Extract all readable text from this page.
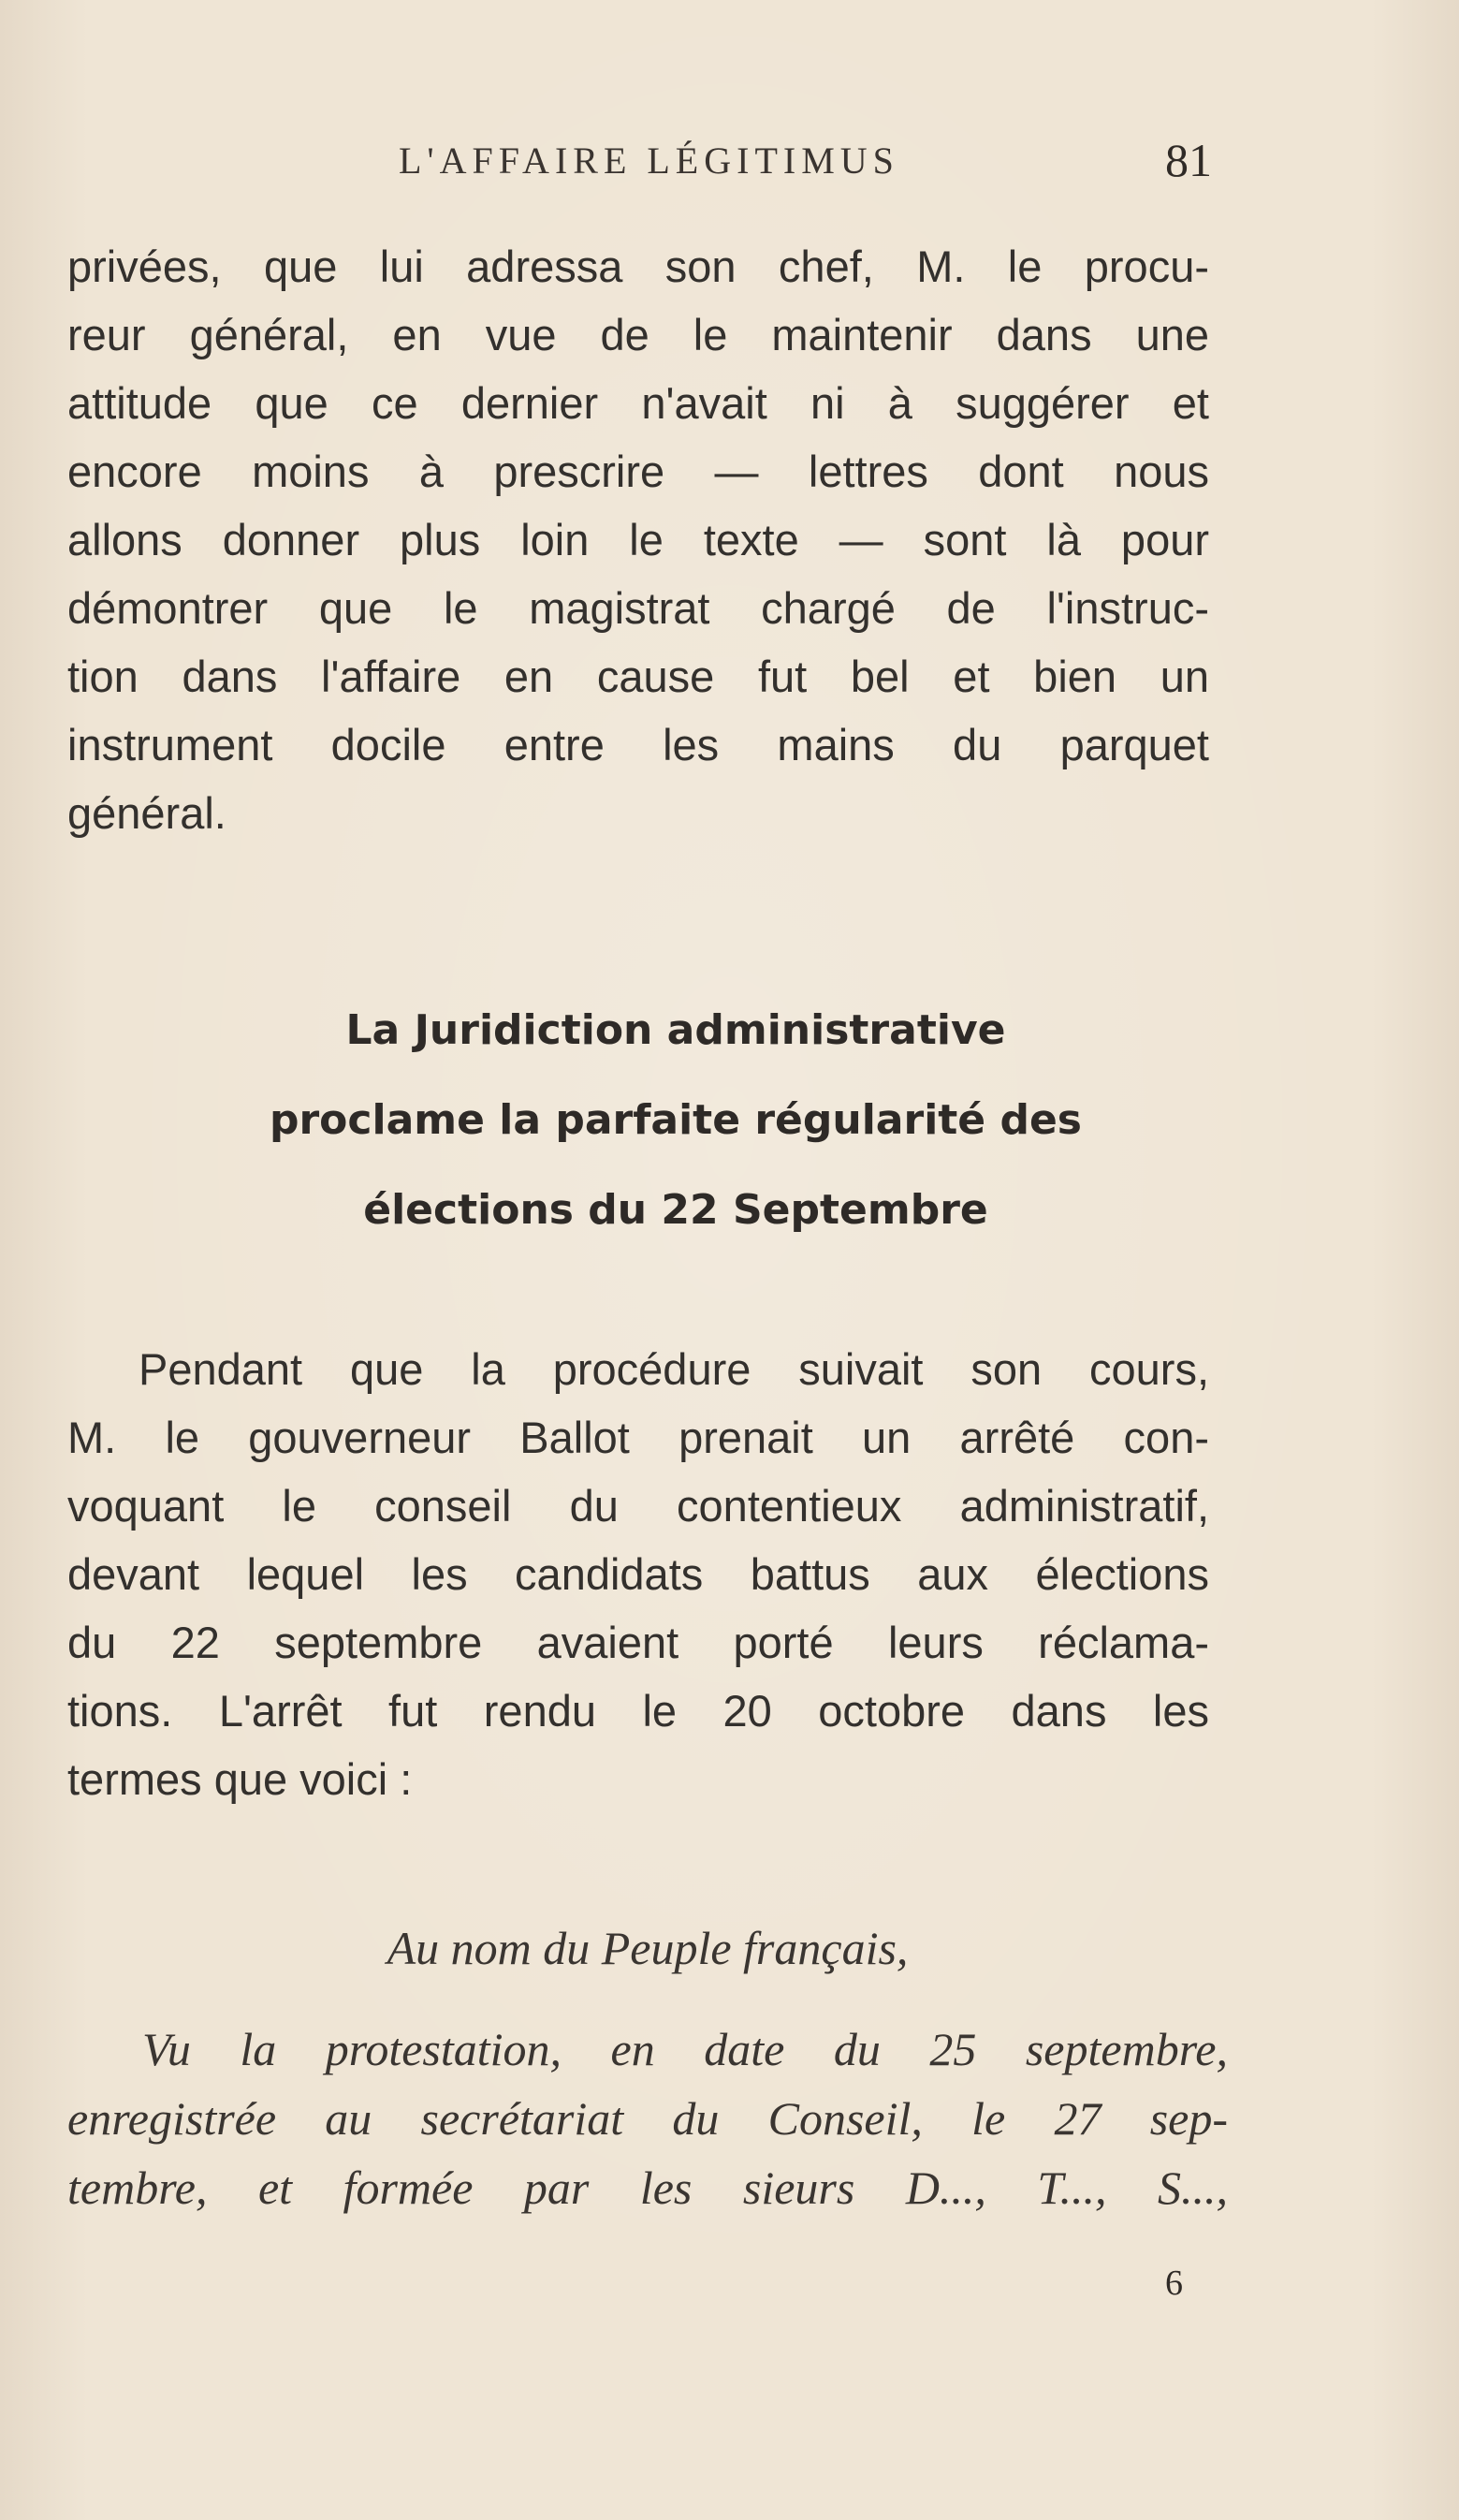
L'AFFAIRE LÉGITIMUS	81
privées, que lui adressa son chef, M. le procu-
reur général, en vue de le maintenir dans une
attitude que ce dernier n'avait ni à suggérer et
encore moins à prescrire — lettres dont nous
allons donner plus loin le texte — sont là pour
démontrer que le magistrat chargé de l'instruc-
tion dans l'affaire en cause fut bel et bien un
instrument docile entre les mains du parquet
général.
La Juridiction administrative
proclame la parfaite régularité des
élections du 22 Septembre
Pendant que la procédure suivait son cours,
M. le gouverneur Ballot prenait un arrêté con-
voquant le conseil du contentieux administratif,
devant lequel les candidats battus aux élections
du 22 septembre avaient porté leurs réclama-
tions. L'arrêt fut rendu le 20 octobre dans les
termes que voici :
Au nom du Peuple français,
Vu la protestation, en date du 25 septembre,
enregistrée au secrétariat du Conseil, le 27 sep-
tembre, et formée par les sieurs D..., T..., S...,
6
